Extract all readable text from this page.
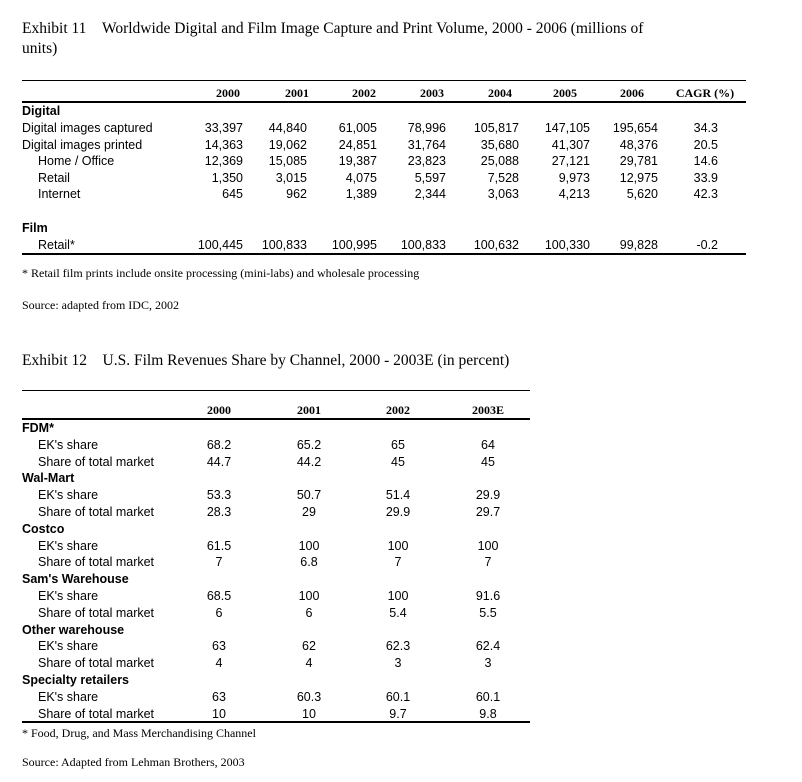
Exhibit 11 Worldwide Digital and Film Image Capture and Print Volume, 2000 - 2006 (millions of
units)
2000	2001	2002	2003	2004	2005	2006	CAGR (%)
Digital
Digital images captured	33,397	44,840	61,005	78,996	105,817	147,105	195,654	34.3
Digital images printed	14,363	19,062	24,851	31,764	35,680	41,307	48,376	20.5
Home / Office	12,369	15,085	19,387	23,823	25,088	27,121	29,781	14.6
Retail	1,350	3,015	4,075	5,597	7,528	9,973	12,975	33.9
Internet	645	962	1,389	2,344	3,063	4,213	5,620	42.3
Film
Retail*	100,445	100,833	100,995	100,833	100,632	100,330	99,828	-0.2
* Retail film prints include onsite processing (mini-labs) and wholesale processing
Source: adapted from IDC, 2002
Exhibit 12 U.S. Film Revenues Share by Channel, 2000 - 2003E (in percent)
2000	2001	2002	2003E
FDM*
EK's share	68.2	65.2	65	64
Share of total market	44.7	44.2	45	45
Wal-Mart
EK's share	53.3	50.7	51.4	29.9
Share of total market	28.3	29	29.9	29.7
Costco
EK's share	61.5	100	100	100
Share of total market	7	6.8	7	7
Sam's Warehouse
EK's share	68.5	100	100	91.6
Share of total market	6	6	5.4	5.5
Other warehouse
EK's share	63	62	62.3	62.4
Share of total market	4	4	3	3
Specialty retailers
EK's share	63	60.3	60.1	60.1
Share of total market	10	10	9.7	9.8
* Food, Drug, and Mass Merchandising Channel
Source: Adapted from Lehman Brothers, 2003
